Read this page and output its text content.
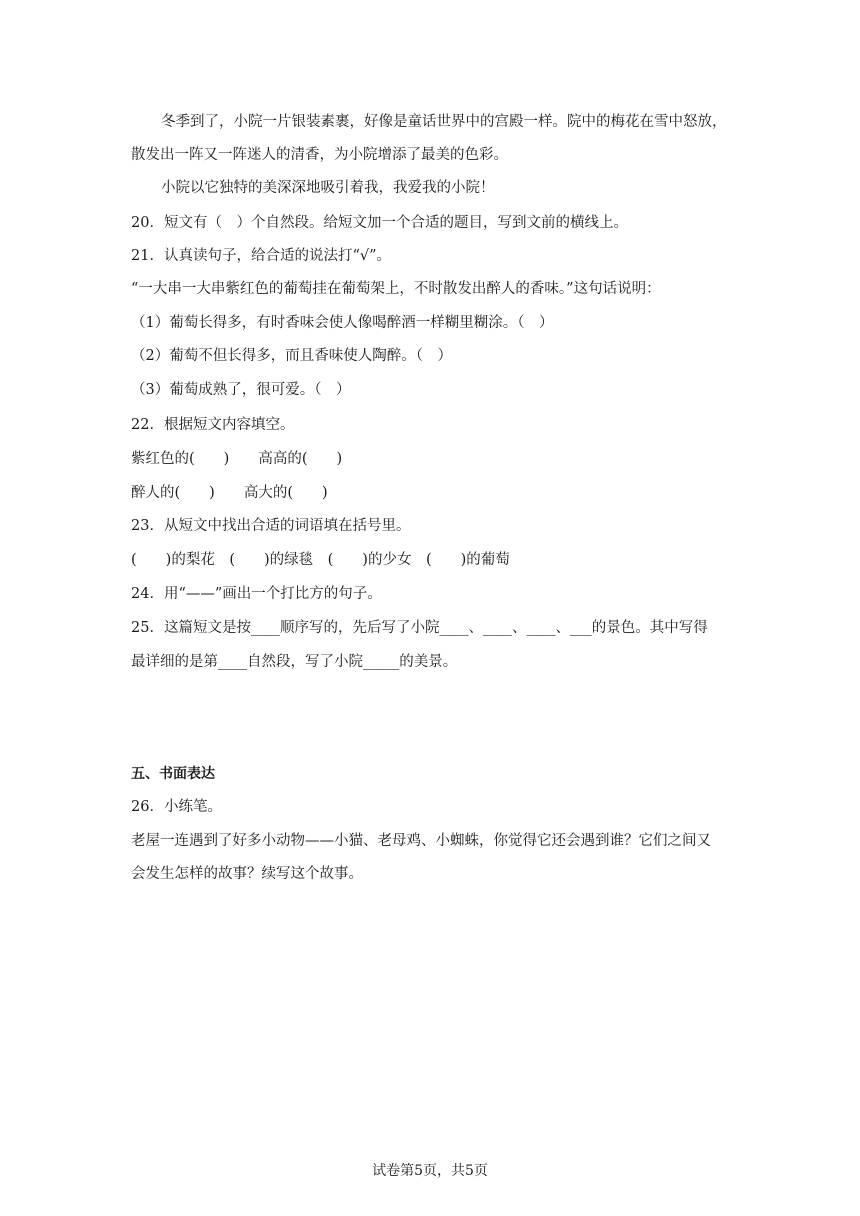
冬季到了，小院一片银装素裹，好像是童话世界中的宫殿一样。院中的梅花在雪中怒放，
散发出一阵又一阵迷人的清香，为小院增添了最美的色彩。
小院以它独特的美深深地吸引着我，我爱我的小院！
20．短文有（　）个自然段。给短文加一个合适的题目，写到文前的横线上。
21．认真读句子，给合适的说法打“√”。
“一大串一大串紫红色的葡萄挂在葡萄架上，不时散发出醉人的香味。”这句话说明：
（1）葡萄长得多，有时香味会使人像喝醉酒一样糊里糊涂。（　）
（2）葡萄不但长得多，而且香味使人陶醉。（　）
（3）葡萄成熟了，很可爱。（　）
22．根据短文内容填空。
紫红色的(　　)　　高高的(　　)
醉人的(　　)　　高大的(　　)
23．从短文中找出合适的词语填在括号里。
(　　)的梨花　(　　)的绿毯　(　　)的少女　(　　)的葡萄
24．用“——”画出一个打比方的句子。
25．这篇短文是按____顺序写的，先后写了小院____、____、____、___的景色。其中写得
最详细的是第____自然段，写了小院_____的美景。
五、书面表达
26．小练笔。
老屋一连遇到了好多小动物——小猫、老母鸡、小蜘蛛，你觉得它还会遇到谁？它们之间又
会发生怎样的故事？续写这个故事。
试卷第5页，共5页
